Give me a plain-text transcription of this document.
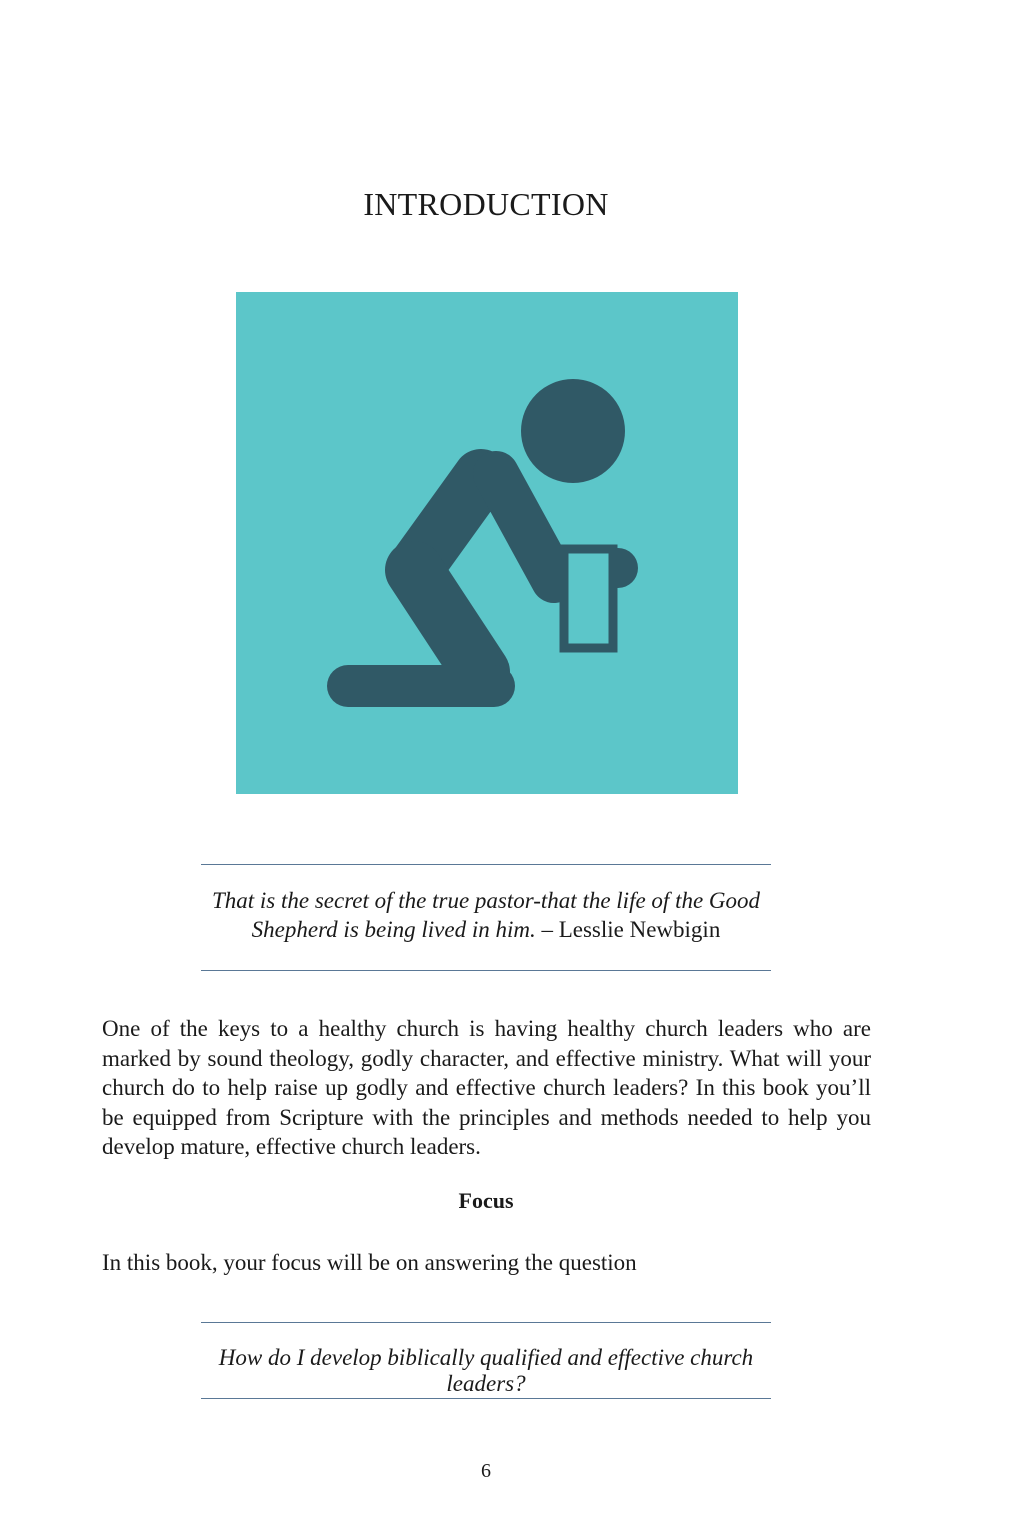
INTRODUCTION
That is the secret of the true pastor-that the life of the Good Shepherd is being lived in him. – Lesslie Newbigin
One of the keys to a healthy church is having healthy church leaders who are marked by sound theology, godly character, and effective ministry. What will your church do to help raise up godly and effective church leaders? In this book you’ll be equipped from Scripture with the principles and methods needed to help you develop mature, effective church leaders.
Focus
In this book, your focus will be on answering the question
How do I develop biblically qualified and effective church leaders?
6
